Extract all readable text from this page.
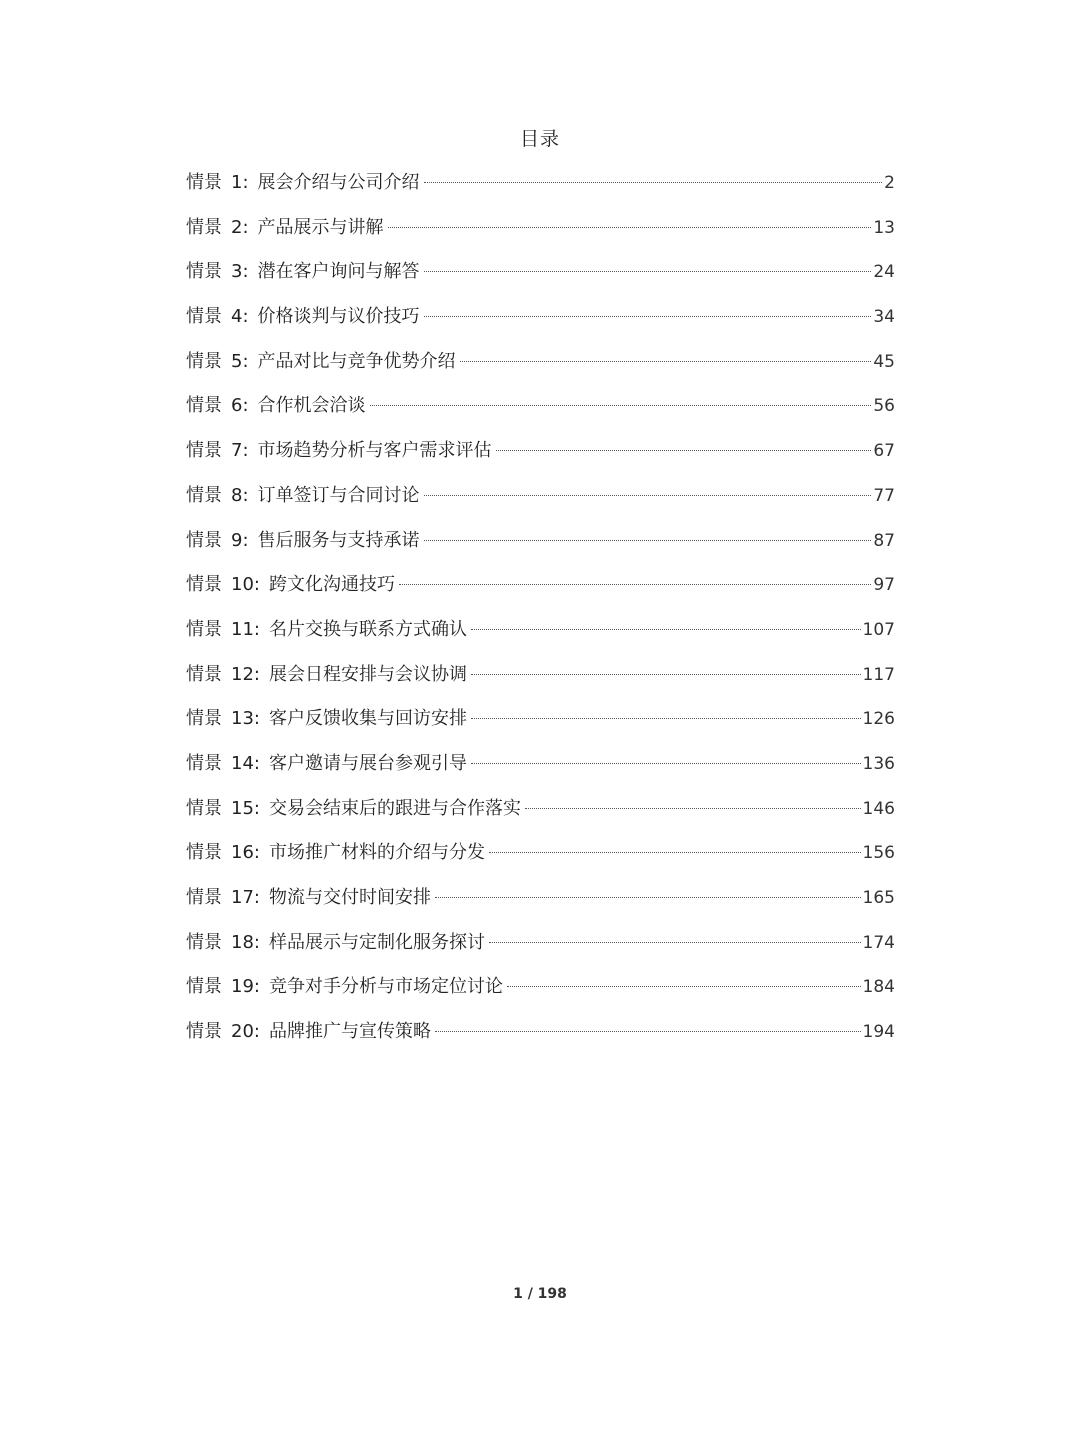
目录
情景 1: 展会介绍与公司介绍	2
情景 2: 产品展示与讲解	13
情景 3: 潜在客户询问与解答	24
情景 4: 价格谈判与议价技巧	34
情景 5: 产品对比与竞争优势介绍	45
情景 6: 合作机会洽谈	56
情景 7: 市场趋势分析与客户需求评估	67
情景 8: 订单签订与合同讨论	77
情景 9: 售后服务与支持承诺	87
情景 10: 跨文化沟通技巧	97
情景 11: 名片交换与联系方式确认	107
情景 12: 展会日程安排与会议协调	117
情景 13: 客户反馈收集与回访安排	126
情景 14: 客户邀请与展台参观引导	136
情景 15: 交易会结束后的跟进与合作落实	146
情景 16: 市场推广材料的介绍与分发	156
情景 17: 物流与交付时间安排	165
情景 18: 样品展示与定制化服务探讨	174
情景 19: 竞争对手分析与市场定位讨论	184
情景 20: 品牌推广与宣传策略	194
1 / 198
